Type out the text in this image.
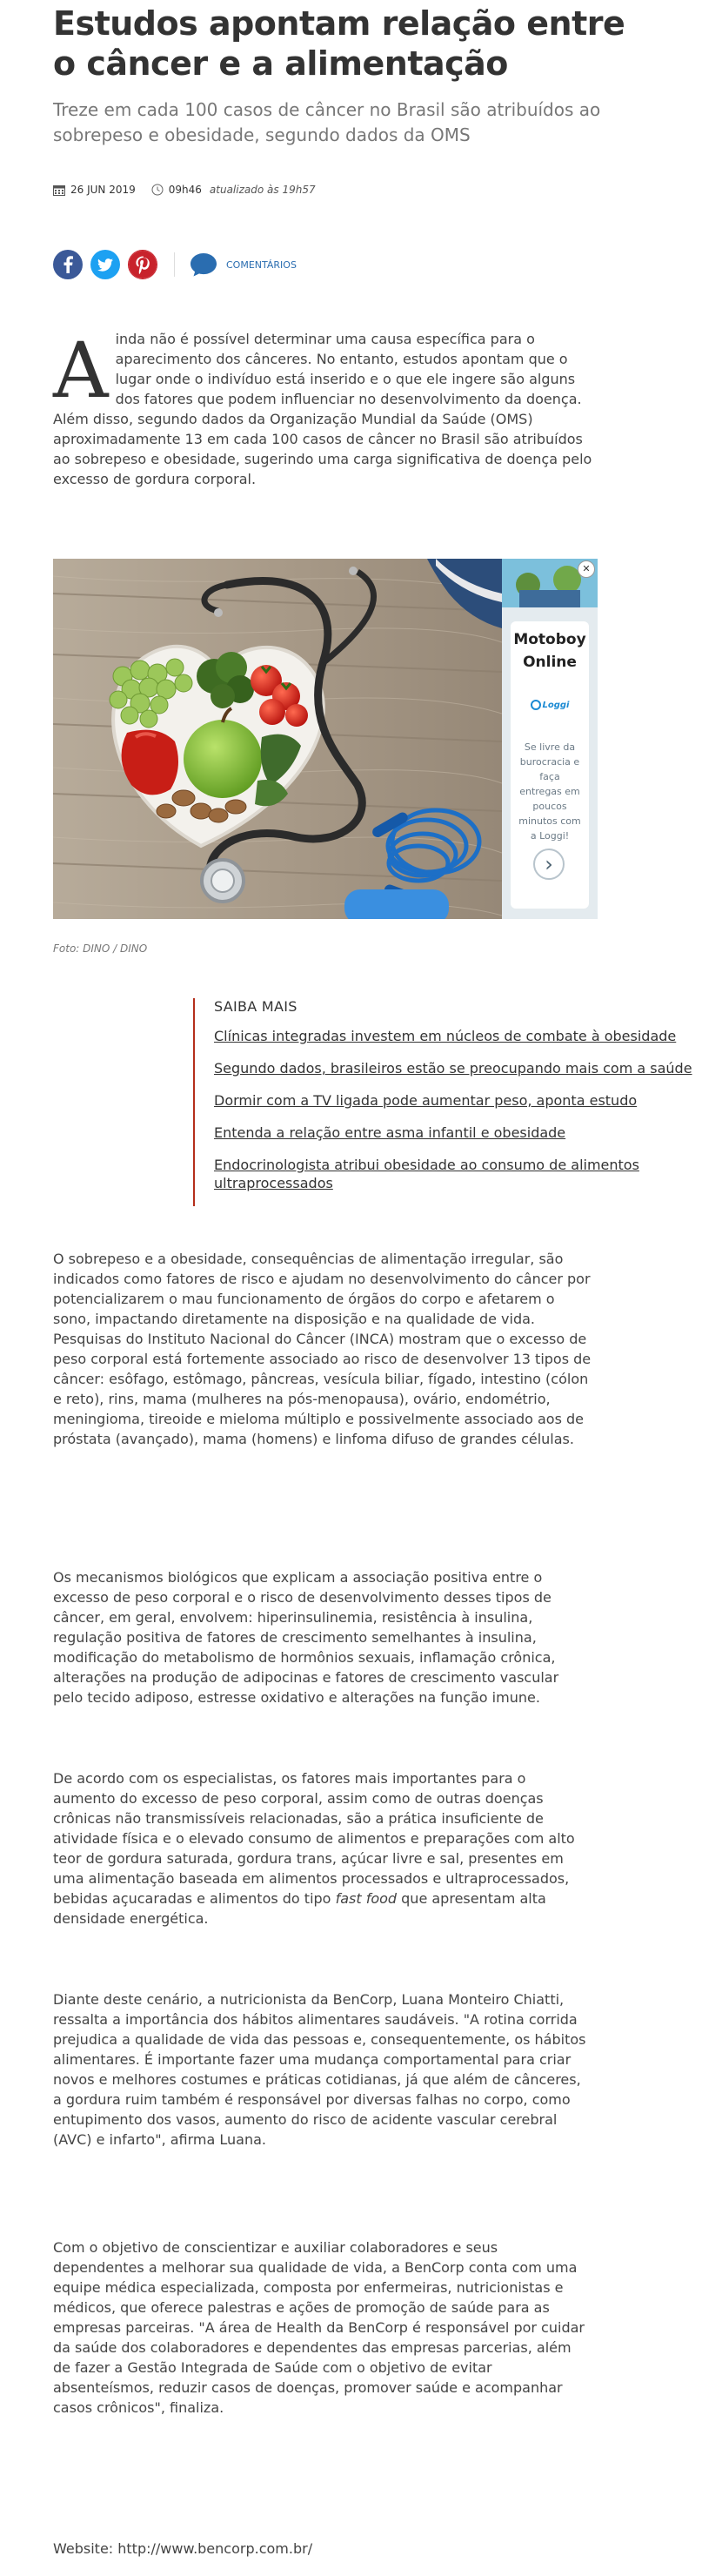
Estudos apontam relação entre o câncer e a alimentação

Treze em cada 100 casos de câncer no Brasil são atribuídos ao sobrepeso e obesidade, segundo dados da OMS

26 JUN 2019	09h46 atualizado às 19h57
COMENTÁRIOS
Ainda não é possível determinar uma causa específica para o aparecimento dos cânceres. No entanto, estudos apontam que o lugar onde o indivíduo está inserido e o que ele ingere são alguns dos fatores que podem influenciar no desenvolvimento da doença. Além disso, segundo dados da Organização Mundial da Saúde (OMS) aproximadamente 13 em cada 100 casos de câncer no Brasil são atribuídos ao sobrepeso e obesidade, sugerindo uma carga significativa de doença pelo excesso de gordura corporal.
✕
Motoboy
Online
Loggi
Se livre da burocracia e faça entregas em poucos minutos com a Loggi!
›
Foto: DINO / DINO
SAIBA MAIS
Clínicas integradas investem em núcleos de combate à obesidade
Segundo dados, brasileiros estão se preocupando mais com a saúde
Dormir com a TV ligada pode aumentar peso, aponta estudo
Entenda a relação entre asma infantil e obesidade
Endocrinologista atribui obesidade ao consumo de alimentos ultraprocessados

O sobrepeso e a obesidade, consequências de alimentação irregular, são indicados como fatores de risco e ajudam no desenvolvimento do câncer por potencializarem o mau funcionamento de órgãos do corpo e afetarem o sono, impactando diretamente na disposição e na qualidade de vida. Pesquisas do Instituto Nacional do Câncer (INCA) mostram que o excesso de peso corporal está fortemente associado ao risco de desenvolver 13 tipos de câncer: esôfago, estômago, pâncreas, vesícula biliar, fígado, intestino (cólon e reto), rins, mama (mulheres na pós-menopausa), ovário, endométrio, meningioma, tireoide e mieloma múltiplo e possivelmente associado aos de próstata (avançado), mama (homens) e linfoma difuso de grandes células.

Os mecanismos biológicos que explicam a associação positiva entre o excesso de peso corporal e o risco de desenvolvimento desses tipos de câncer, em geral, envolvem: hiperinsulinemia, resistência à insulina, regulação positiva de fatores de crescimento semelhantes à insulina, modificação do metabolismo de hormônios sexuais, inflamação crônica, alterações na produção de adipocinas e fatores de crescimento vascular pelo tecido adiposo, estresse oxidativo e alterações na função imune.

De acordo com os especialistas, os fatores mais importantes para o aumento do excesso de peso corporal, assim como de outras doenças crônicas não transmissíveis relacionadas, são a prática insuficiente de atividade física e o elevado consumo de alimentos e preparações com alto teor de gordura saturada, gordura trans, açúcar livre e sal, presentes em uma alimentação baseada em alimentos processados e ultraprocessados, bebidas açucaradas e alimentos do tipo fast food que apresentam alta densidade energética.

Diante deste cenário, a nutricionista da BenCorp, Luana Monteiro Chiatti, ressalta a importância dos hábitos alimentares saudáveis. "A rotina corrida prejudica a qualidade de vida das pessoas e, consequentemente, os hábitos alimentares. É importante fazer uma mudança comportamental para criar novos e melhores costumes e práticas cotidianas, já que além de cânceres, a gordura ruim também é responsável por diversas falhas no corpo, como entupimento dos vasos, aumento do risco de acidente vascular cerebral (AVC) e infarto", afirma Luana.

Com o objetivo de conscientizar e auxiliar colaboradores e seus dependentes a melhorar sua qualidade de vida, a BenCorp conta com uma equipe médica especializada, composta por enfermeiras, nutricionistas e médicos, que oferece palestras e ações de promoção de saúde para as empresas parceiras. "A área de Health da BenCorp é responsável por cuidar da saúde dos colaboradores e dependentes das empresas parcerias, além de fazer a Gestão Integrada de Saúde com o objetivo de evitar absenteísmos, reduzir casos de doenças, promover saúde e acompanhar casos crônicos", finaliza.

Website: http://www.bencorp.com.br/
